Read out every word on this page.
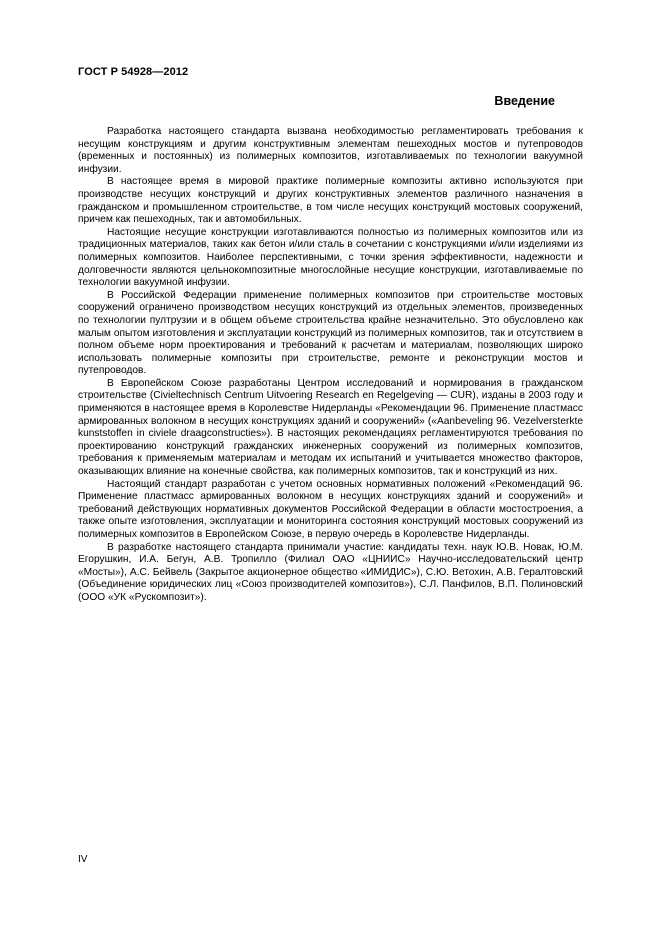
ГОСТ Р 54928—2012
Введение

Разработка настоящего стандарта вызвана необходимостью регламентировать требования к несущим конструкциям и другим конструктивным элементам пешеходных мостов и путепроводов (временных и постоянных) из полимерных композитов, изготавливаемых по технологии вакуумной инфузии.

В настоящее время в мировой практике полимерные композиты активно используются при производстве несущих конструкций и других конструктивных элементов различного назначения в гражданском и промышленном строительстве, в том числе несущих конструкций мостовых сооружений, причем как пешеходных, так и автомобильных.

Настоящие несущие конструкции изготавливаются полностью из полимерных композитов или из традиционных материалов, таких как бетон и/или сталь в сочетании с конструкциями и/или изделиями из полимерных композитов. Наиболее перспективными, с точки зрения эффективности, надежности и долговечности являются цельнокомпозитные многослойные несущие конструкции, изготавливаемые по технологии вакуумной инфузии.

В Российской Федерации применение полимерных композитов при строительстве мостовых сооружений ограничено производством несущих конструкций из отдельных элементов, произведенных по технологии пултрузии и в общем объеме строительства крайне незначительно. Это обусловлено как малым опытом изготовления и эксплуатации конструкций из полимерных композитов, так и отсутствием в полном объеме норм проектирования и требований к расчетам и материалам, позволяющих широко использовать полимерные композиты при строительстве, ремонте и реконструкции мостов и путепроводов.

В Европейском Союзе разработаны Центром исследований и нормирования в гражданском строительстве (Civieltechnisch Centrum Uitvoering Research en Regelgeving — CUR), изданы в 2003 году и применяются в настоящее время в Королевстве Нидерланды «Рекомендации 96. Применение пластмасс армированных волокном в несущих конструкциях зданий и сооружений» («Aanbeveling 96. Vezelversterkte kunststoffen in civiele draagconstructies»). В настоящих рекомендациях регламентируются требования по проектированию конструкций гражданских инженерных сооружений из полимерных композитов, требования к применяемым материалам и методам их испытаний и учитывается множество факторов, оказывающих влияние на конечные свойства, как полимерных композитов, так и конструкций из них.

Настоящий стандарт разработан с учетом основных нормативных положений «Рекомендаций 96. Применение пластмасс армированных волокном в несущих конструкциях зданий и сооружений» и требований действующих нормативных документов Российской Федерации в области мостостроения, а также опыте изготовления, эксплуатации и мониторинга состояния конструкций мостовых сооружений из полимерных композитов в Европейском Союзе, в первую очередь в Королевстве Нидерланды.

В разработке настоящего стандарта принимали участие: кандидаты техн. наук Ю.В. Новак, Ю.М. Егорушкин, И.А. Бегун, А.В. Тропилло (Филиал ОАО «ЦНИИС» Научно-исследовательский центр «Мосты»), А.С. Бейвель (Закрытое акционерное общество «ИМИДИС»), С.Ю. Ветохин, А.В. Гералтовский (Объединение юридических лиц «Союз производителей композитов»), С.Л. Панфилов, В.П. Полиновский (ООО «УК «Рускомпозит»).

IV
